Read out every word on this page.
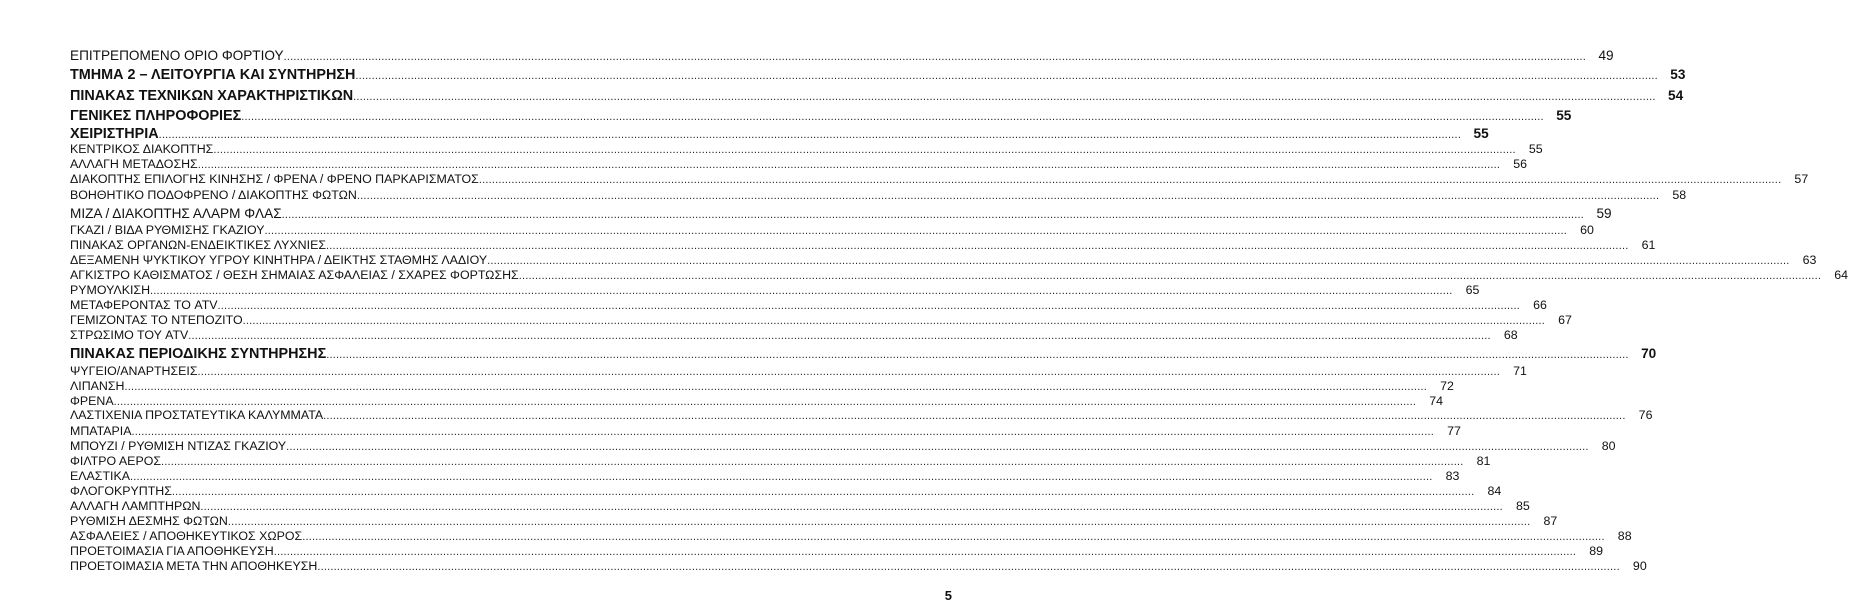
ΕΠΙΤΡΕΠΟΜΕΝΟ ΟΡΙΟ ΦΟΡΤΙΟΥ ................................................................................................................................................................................................................................................................................................................................................................................................................ 49
ΤΜΗΜΑ 2 – ΛΕΙΤΟΥΡΓΙΑ ΚΑΙ ΣΥΝΤΗΡΗΣΗ ................................................................................................................................................................................................................................................................................................................................................................................................................ 53
ΠΙΝΑΚΑΣ ΤΕΧΝΙΚΩΝ ΧΑΡΑΚΤΗΡΙΣΤΙΚΩΝ ................................................................................................................................................................................................................................................................................................................................................................................................................ 54
ΓΕΝΙΚΕΣ ΠΛΗΡΟΦΟΡΙΕΣ ................................................................................................................................................................................................................................................................................................................................................................................................................ 55
ΧΕΙΡΙΣΤΗΡΙΑ ................................................................................................................................................................................................................................................................................................................................................................................................................ 55
ΚΕΝΤΡΙΚΟΣ ΔΙΑΚΟΠΤΗΣ ................................................................................................................................................................................................................................................................................................................................................................................................................	55
ΑΛΛΑΓΗ ΜΕΤΑΔΟΣΗΣ ................................................................................................................................................................................................................................................................................................................................................................................................................	56
ΔΙΑΚΟΠΤΗΣ ΕΠΙΛΟΓΗΣ ΚΙΝΗΣΗΣ / ΦΡΕΝΑ / ΦΡΕΝΟ ΠΑΡΚΑΡΙΣΜΑΤΟΣ ................................................................................................................................................................................................................................................................................................................................................................................................................	57
ΒΟΗΘΗΤΙΚΟ ΠΟΔΟΦΡΕΝΟ / ΔΙΑΚΟΠΤΗΣ ΦΩΤΩΝ ................................................................................................................................................................................................................................................................................................................................................................................................................	58
ΜΙΖΑ / ΔΙΑΚΟΠΤΗΣ ΑΛΑΡΜ ΦΛΑΣ ................................................................................................................................................................................................................................................................................................................................................................................................................ 59
ΓΚΑΖΙ / ΒΙΔΑ ΡΥΘΜΙΣΗΣ ΓΚΑΖΙΟΥ ................................................................................................................................................................................................................................................................................................................................................................................................................	60
ΠΙΝΑΚΑΣ ΟΡΓΑΝΩΝ-ΕΝΔΕΙΚΤΙΚΕΣ ΛΥΧΝΙΕΣ ................................................................................................................................................................................................................................................................................................................................................................................................................	61
ΔΕΞΑΜΕΝΗ ΨΥΚΤΙΚΟΥ ΥΓΡΟΥ ΚΙΝΗΤΗΡΑ / ΔΕΙΚΤΗΣ ΣΤΑΘΜΗΣ ΛΑΔΙΟΥ ................................................................................................................................................................................................................................................................................................................................................................................................................	63
ΑΓΚΙΣΤΡΟ ΚΑΘΙΣΜΑΤΟΣ / ΘΕΣΗ ΣΗΜΑΙΑΣ ΑΣΦΑΛΕΙΑΣ / ΣΧΑΡΕΣ ΦΟΡΤΩΣΗΣ ................................................................................................................................................................................................................................................................................................................................................................................................................	64
ΡΥΜΟΥΛΚΙΣΗ ................................................................................................................................................................................................................................................................................................................................................................................................................	65
ΜΕΤΑΦΕΡΟΝΤΑΣ ΤΟ ATV ................................................................................................................................................................................................................................................................................................................................................................................................................	66
ΓΕΜΙΖΟΝΤΑΣ ΤΟ ΝΤΕΠΟΖΙΤΟ ................................................................................................................................................................................................................................................................................................................................................................................................................	67
ΣΤΡΩΣΙΜΟ ΤΟΥ ATV ................................................................................................................................................................................................................................................................................................................................................................................................................	68
ΠΙΝΑΚΑΣ ΠΕΡΙΟΔΙΚΗΣ ΣΥΝΤΗΡΗΣΗΣ ................................................................................................................................................................................................................................................................................................................................................................................................................ 70
ΨΥΓΕΙΟ/ΑΝΑΡΤΗΣΕΙΣ ................................................................................................................................................................................................................................................................................................................................................................................................................	71
ΛΙΠΑΝΣΗ ................................................................................................................................................................................................................................................................................................................................................................................................................	72
ΦΡΕΝΑ ................................................................................................................................................................................................................................................................................................................................................................................................................	74
ΛΑΣΤΙΧΕΝΙΑ ΠΡΟΣΤΑΤΕΥΤΙΚΑ ΚΑΛΥΜΜΑΤΑ ................................................................................................................................................................................................................................................................................................................................................................................................................	76
ΜΠΑΤΑΡΙΑ ................................................................................................................................................................................................................................................................................................................................................................................................................	77
ΜΠΟΥΖΙ / ΡΥΘΜΙΣΗ ΝΤΙΖΑΣ ΓΚΑΖΙΟΥ ................................................................................................................................................................................................................................................................................................................................................................................................................	80
ΦΙΛΤΡΟ ΑΕΡΟΣ ................................................................................................................................................................................................................................................................................................................................................................................................................	81
ΕΛΑΣΤΙΚΑ ................................................................................................................................................................................................................................................................................................................................................................................................................	83
ΦΛΟΓΟΚΡΥΠΤΗΣ ................................................................................................................................................................................................................................................................................................................................................................................................................	84
ΑΛΛΑΓΗ ΛΑΜΠΤΗΡΩΝ ................................................................................................................................................................................................................................................................................................................................................................................................................	85
ΡΥΘΜΙΣΗ ΔΕΣΜΗΣ ΦΩΤΩΝ ................................................................................................................................................................................................................................................................................................................................................................................................................	87
ΑΣΦΑΛΕΙΕΣ / ΑΠΟΘΗΚΕΥΤΙΚΟΣ ΧΩΡΟΣ ................................................................................................................................................................................................................................................................................................................................................................................................................	88
ΠΡΟΕΤΟΙΜΑΣΙΑ ΓΙΑ ΑΠΟΘΗΚΕΥΣΗ ................................................................................................................................................................................................................................................................................................................................................................................................................	89
ΠΡΟΕΤΟΙΜΑΣΙΑ ΜΕΤΑ ΤΗΝ ΑΠΟΘΗΚΕΥΣΗ ................................................................................................................................................................................................................................................................................................................................................................................................................	90
5
